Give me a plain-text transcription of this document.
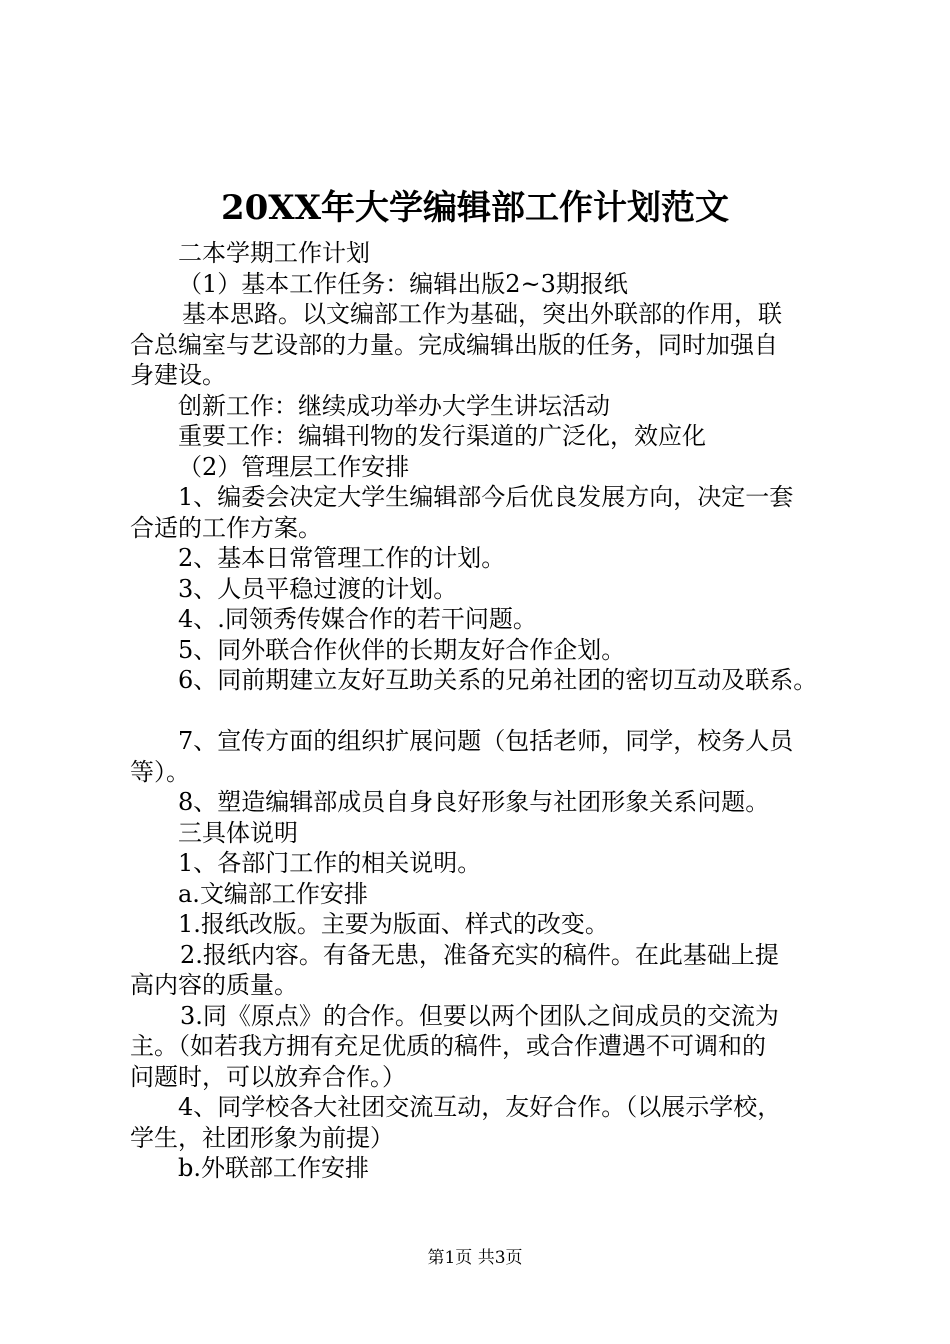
20XX年大学编辑部工作计划范文
二本学期工作计划
（1）基本工作任务：编辑出版2~3期报纸
基本思路。以文编部工作为基础，突出外联部的作用，联
合总编室与艺设部的力量。完成编辑出版的任务，同时加强自
身建设。
创新工作：继续成功举办大学生讲坛活动
重要工作：编辑刊物的发行渠道的广泛化，效应化
（2）管理层工作安排
1、编委会决定大学生编辑部今后优良发展方向，决定一套
合适的工作方案。
2、基本日常管理工作的计划。
3、人员平稳过渡的计划。
4、.同领秀传媒合作的若干问题。
5、同外联合作伙伴的长期友好合作企划。
6、同前期建立友好互助关系的兄弟社团的密切互动及联系。
7、宣传方面的组织扩展问题（包括老师，同学，校务人员
等）。
8、塑造编辑部成员自身良好形象与社团形象关系问题。
三具体说明
1、各部门工作的相关说明。
a.文编部工作安排
1.报纸改版。主要为版面、样式的改变。
2.报纸内容。有备无患，准备充实的稿件。在此基础上提
高内容的质量。
3.同《原点》的合作。但要以两个团队之间成员的交流为
主。（如若我方拥有充足优质的稿件，或合作遭遇不可调和的
问题时，可以放弃合作。）
4、同学校各大社团交流互动，友好合作。（以展示学校，
学生，社团形象为前提）
b.外联部工作安排
第1页 共3页
